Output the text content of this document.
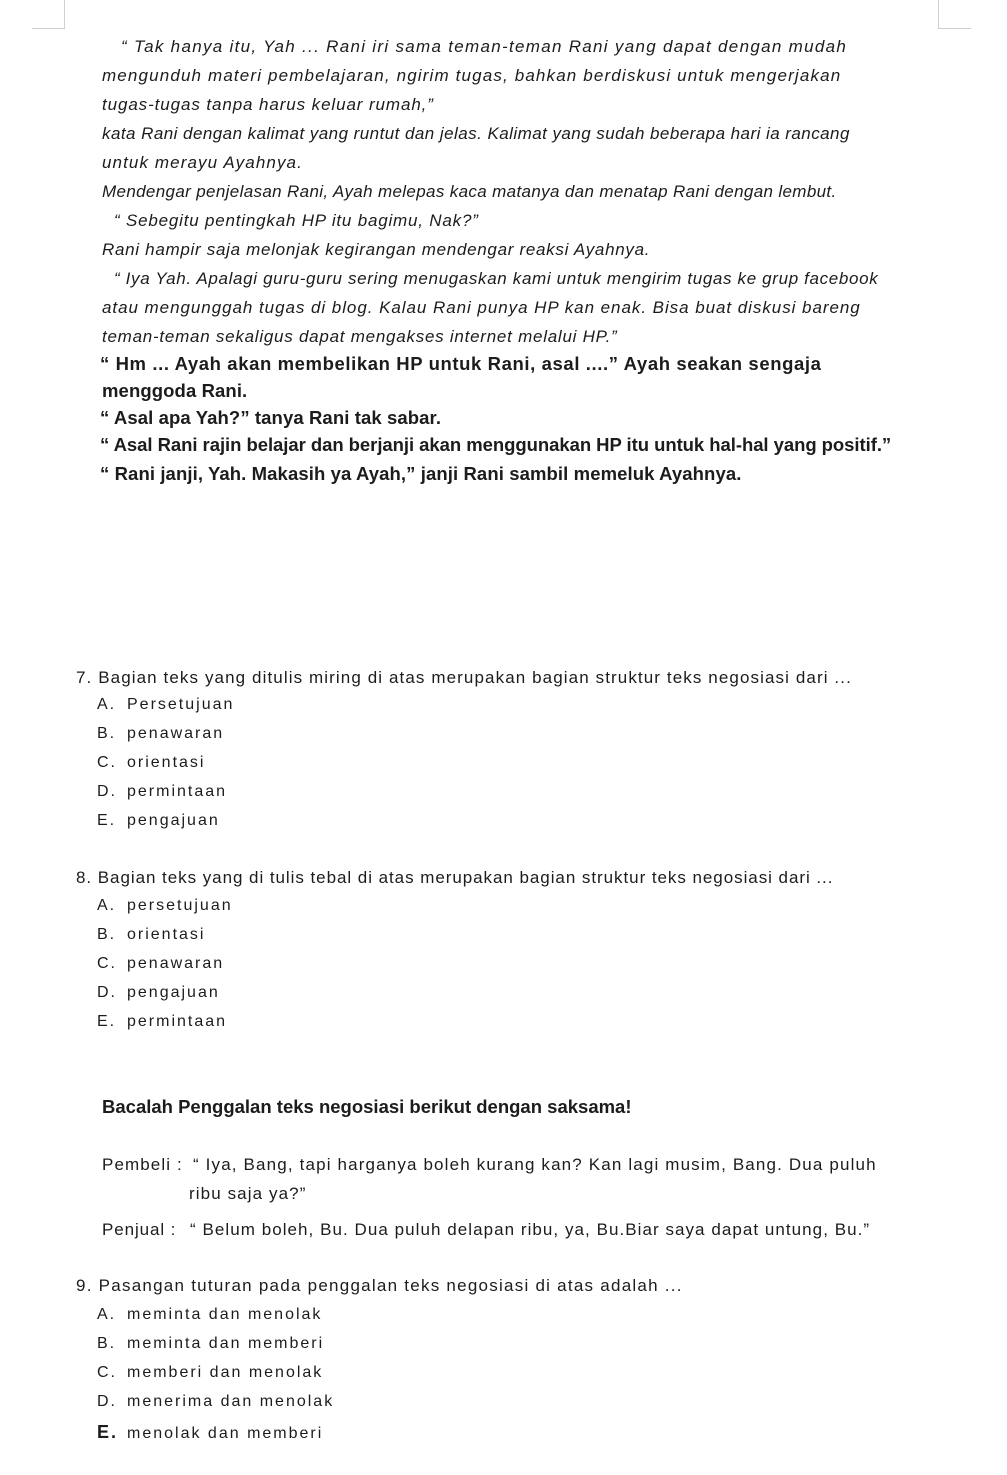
“ Tak hanya itu, Yah ... Rani iri sama teman-teman Rani yang dapat dengan mudah
mengunduh materi pembelajaran, ngirim tugas, bahkan berdiskusi untuk mengerjakan
tugas-tugas tanpa harus keluar rumah,”
kata Rani dengan kalimat yang runtut dan jelas. Kalimat yang sudah beberapa hari ia rancang
untuk merayu Ayahnya.
Mendengar penjelasan Rani, Ayah melepas kaca matanya dan menatap Rani dengan lembut.
“ Sebegitu pentingkah HP itu bagimu, Nak?”
Rani hampir saja melonjak kegirangan mendengar reaksi Ayahnya.
“ Iya Yah. Apalagi guru-guru sering menugaskan kami untuk mengirim tugas ke grup facebook
atau mengunggah tugas di blog. Kalau Rani punya HP kan enak. Bisa buat diskusi bareng
teman-teman sekaligus dapat mengakses internet melalui HP.”
“ Hm ... Ayah akan membelikan HP untuk Rani, asal ....” Ayah seakan sengaja
menggoda Rani.
“ Asal apa Yah?” tanya Rani tak sabar.
“ Asal Rani rajin belajar dan berjanji akan menggunakan HP itu untuk hal-hal yang positif.”
“ Rani janji, Yah. Makasih ya Ayah,” janji Rani sambil memeluk Ayahnya.
7. Bagian teks yang ditulis miring di atas merupakan bagian struktur teks negosiasi dari ...
A. Persetujuan
B. penawaran
C. orientasi
D. permintaan
E. pengajuan
8. Bagian teks yang di tulis tebal di atas merupakan bagian struktur teks negosiasi dari ...
A. persetujuan
B. orientasi
C. penawaran
D. pengajuan
E. permintaan
Bacalah Penggalan teks negosiasi berikut dengan saksama!
Pembeli : “ Iya, Bang, tapi harganya boleh kurang kan? Kan lagi musim, Bang. Dua puluh
ribu saja ya?”
Penjual : “ Belum boleh, Bu. Dua puluh delapan ribu, ya, Bu.Biar saya dapat untung, Bu.”
9. Pasangan tuturan pada penggalan teks negosiasi di atas adalah ...
A. meminta dan menolak
B. meminta dan memberi
C. memberi dan menolak
D. menerima dan menolak
E. menolak dan memberi
